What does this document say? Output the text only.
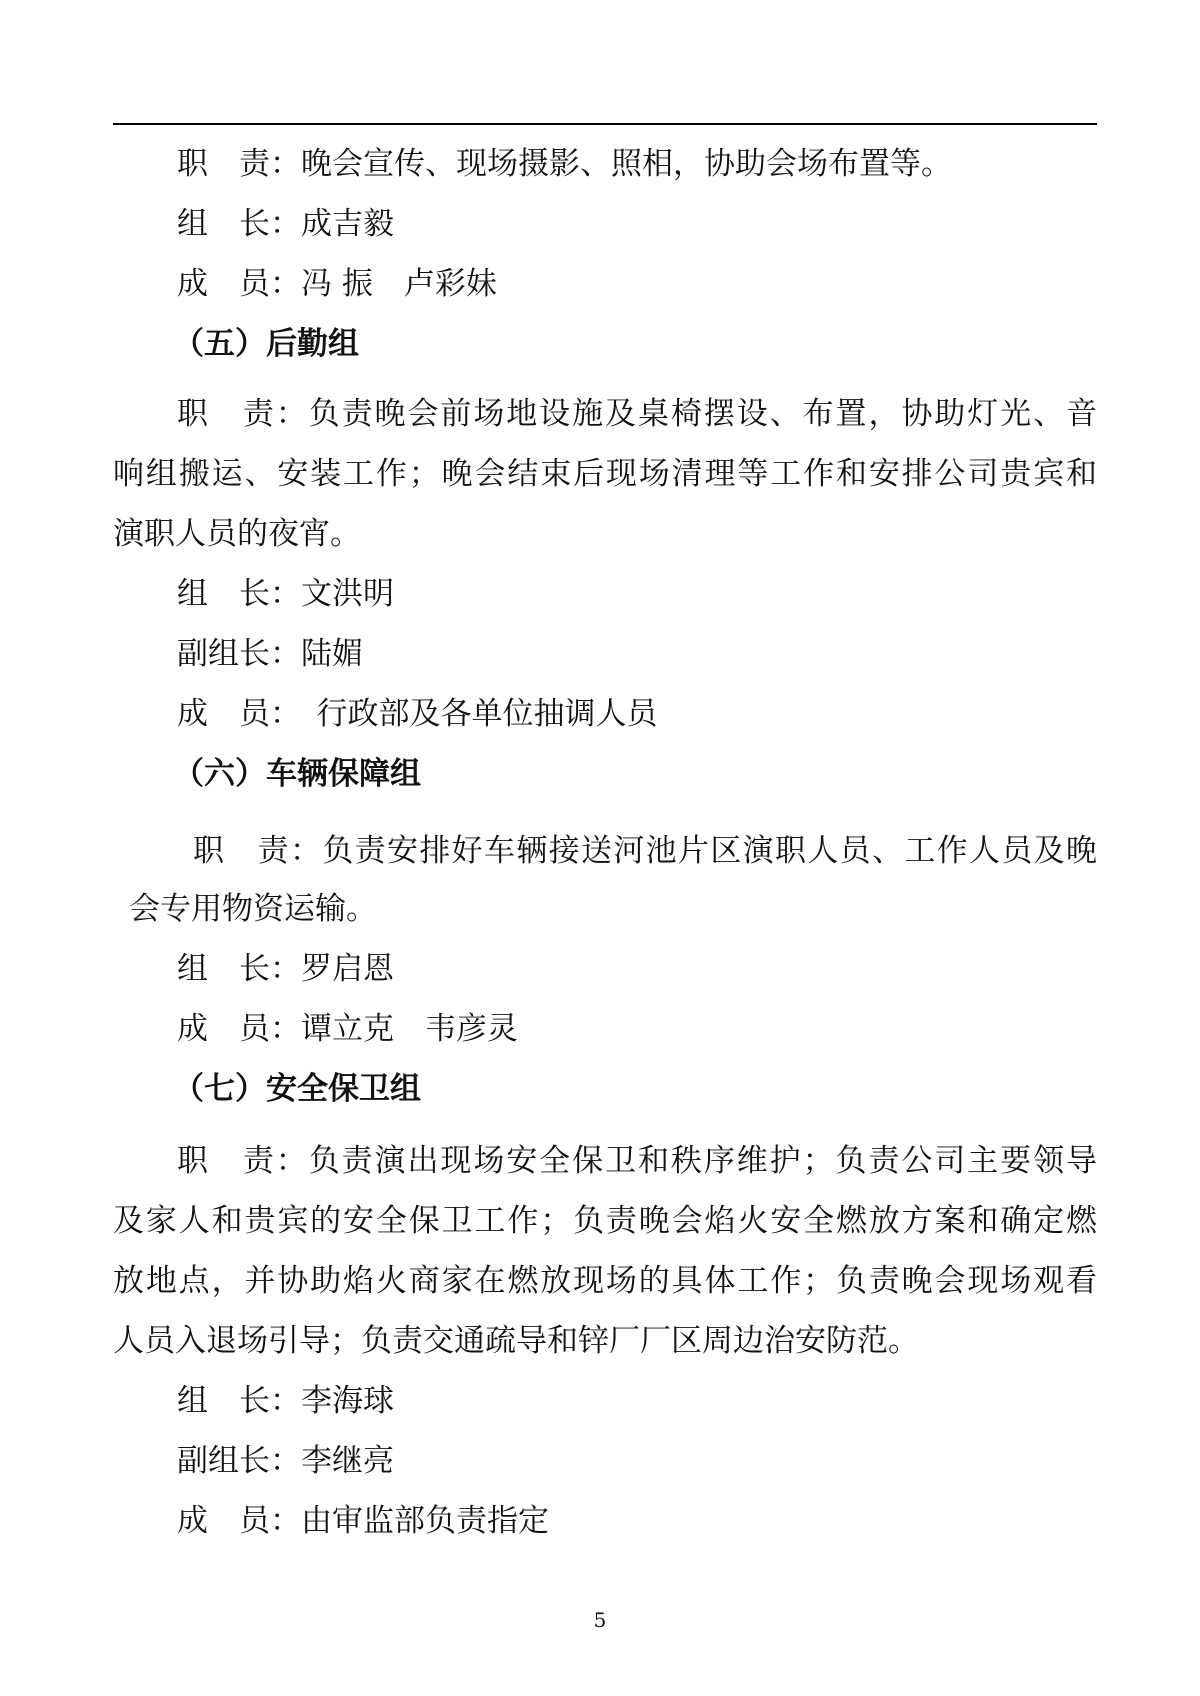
职　责：晚会宣传、现场摄影、照相，协助会场布置等。
组　长：成吉毅
成　员：冯 振　卢彩妹
（五）后勤组
职　责：负责晚会前场地设施及桌椅摆设、布置，协助灯光、音
响组搬运、安装工作；晚会结束后现场清理等工作和安排公司贵宾和
演职人员的夜宵。
组　长：文洪明
副组长：陆媚
成　员：　行政部及各单位抽调人员
（六）车辆保障组
职　责：负责安排好车辆接送河池片区演职人员、工作人员及晚
会专用物资运输。
组　长：罗启恩
成　员：谭立克　韦彦灵
（七）安全保卫组
职　责：负责演出现场安全保卫和秩序维护；负责公司主要领导
及家人和贵宾的安全保卫工作；负责晚会焰火安全燃放方案和确定燃
放地点，并协助焰火商家在燃放现场的具体工作；负责晚会现场观看
人员入退场引导；负责交通疏导和锌厂厂区周边治安防范。
组　长：李海球
副组长：李继亮
成　员：由审监部负责指定
5
